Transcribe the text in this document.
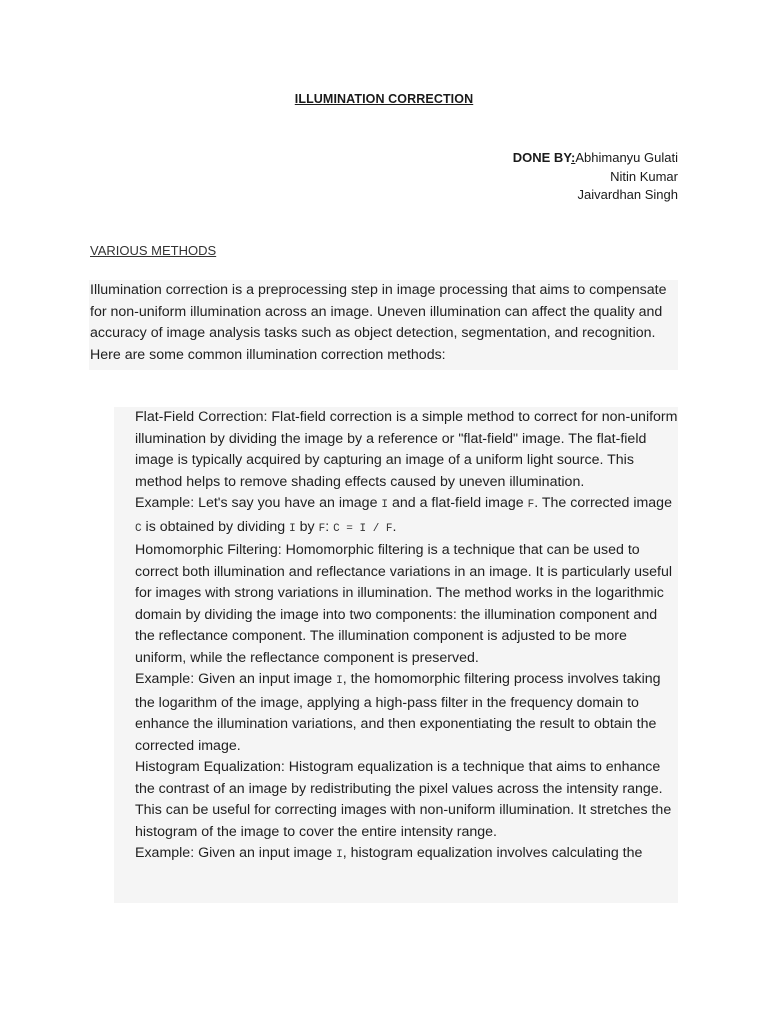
ILLUMINATION CORRECTION
DONE BY:Abhimanyu Gulati
Nitin Kumar
Jaivardhan Singh
VARIOUS METHODS
Illumination correction is a preprocessing step in image processing that aims to compensate for non-uniform illumination across an image. Uneven illumination can affect the quality and accuracy of image analysis tasks such as object detection, segmentation, and recognition. Here are some common illumination correction methods:
Flat-Field Correction: Flat-field correction is a simple method to correct for non-uniform illumination by dividing the image by a reference or "flat-field" image. The flat-field image is typically acquired by capturing an image of a uniform light source. This method helps to remove shading effects caused by uneven illumination.
Example: Let's say you have an image I and a flat-field image F. The corrected image C is obtained by dividing I by F: C = I / F.
Homomorphic Filtering: Homomorphic filtering is a technique that can be used to correct both illumination and reflectance variations in an image. It is particularly useful for images with strong variations in illumination. The method works in the logarithmic domain by dividing the image into two components: the illumination component and the reflectance component. The illumination component is adjusted to be more uniform, while the reflectance component is preserved.
Example: Given an input image I, the homomorphic filtering process involves taking the logarithm of the image, applying a high-pass filter in the frequency domain to enhance the illumination variations, and then exponentiating the result to obtain the corrected image.
Histogram Equalization: Histogram equalization is a technique that aims to enhance the contrast of an image by redistributing the pixel values across the intensity range. This can be useful for correcting images with non-uniform illumination. It stretches the histogram of the image to cover the entire intensity range.
Example: Given an input image I, histogram equalization involves calculating the
